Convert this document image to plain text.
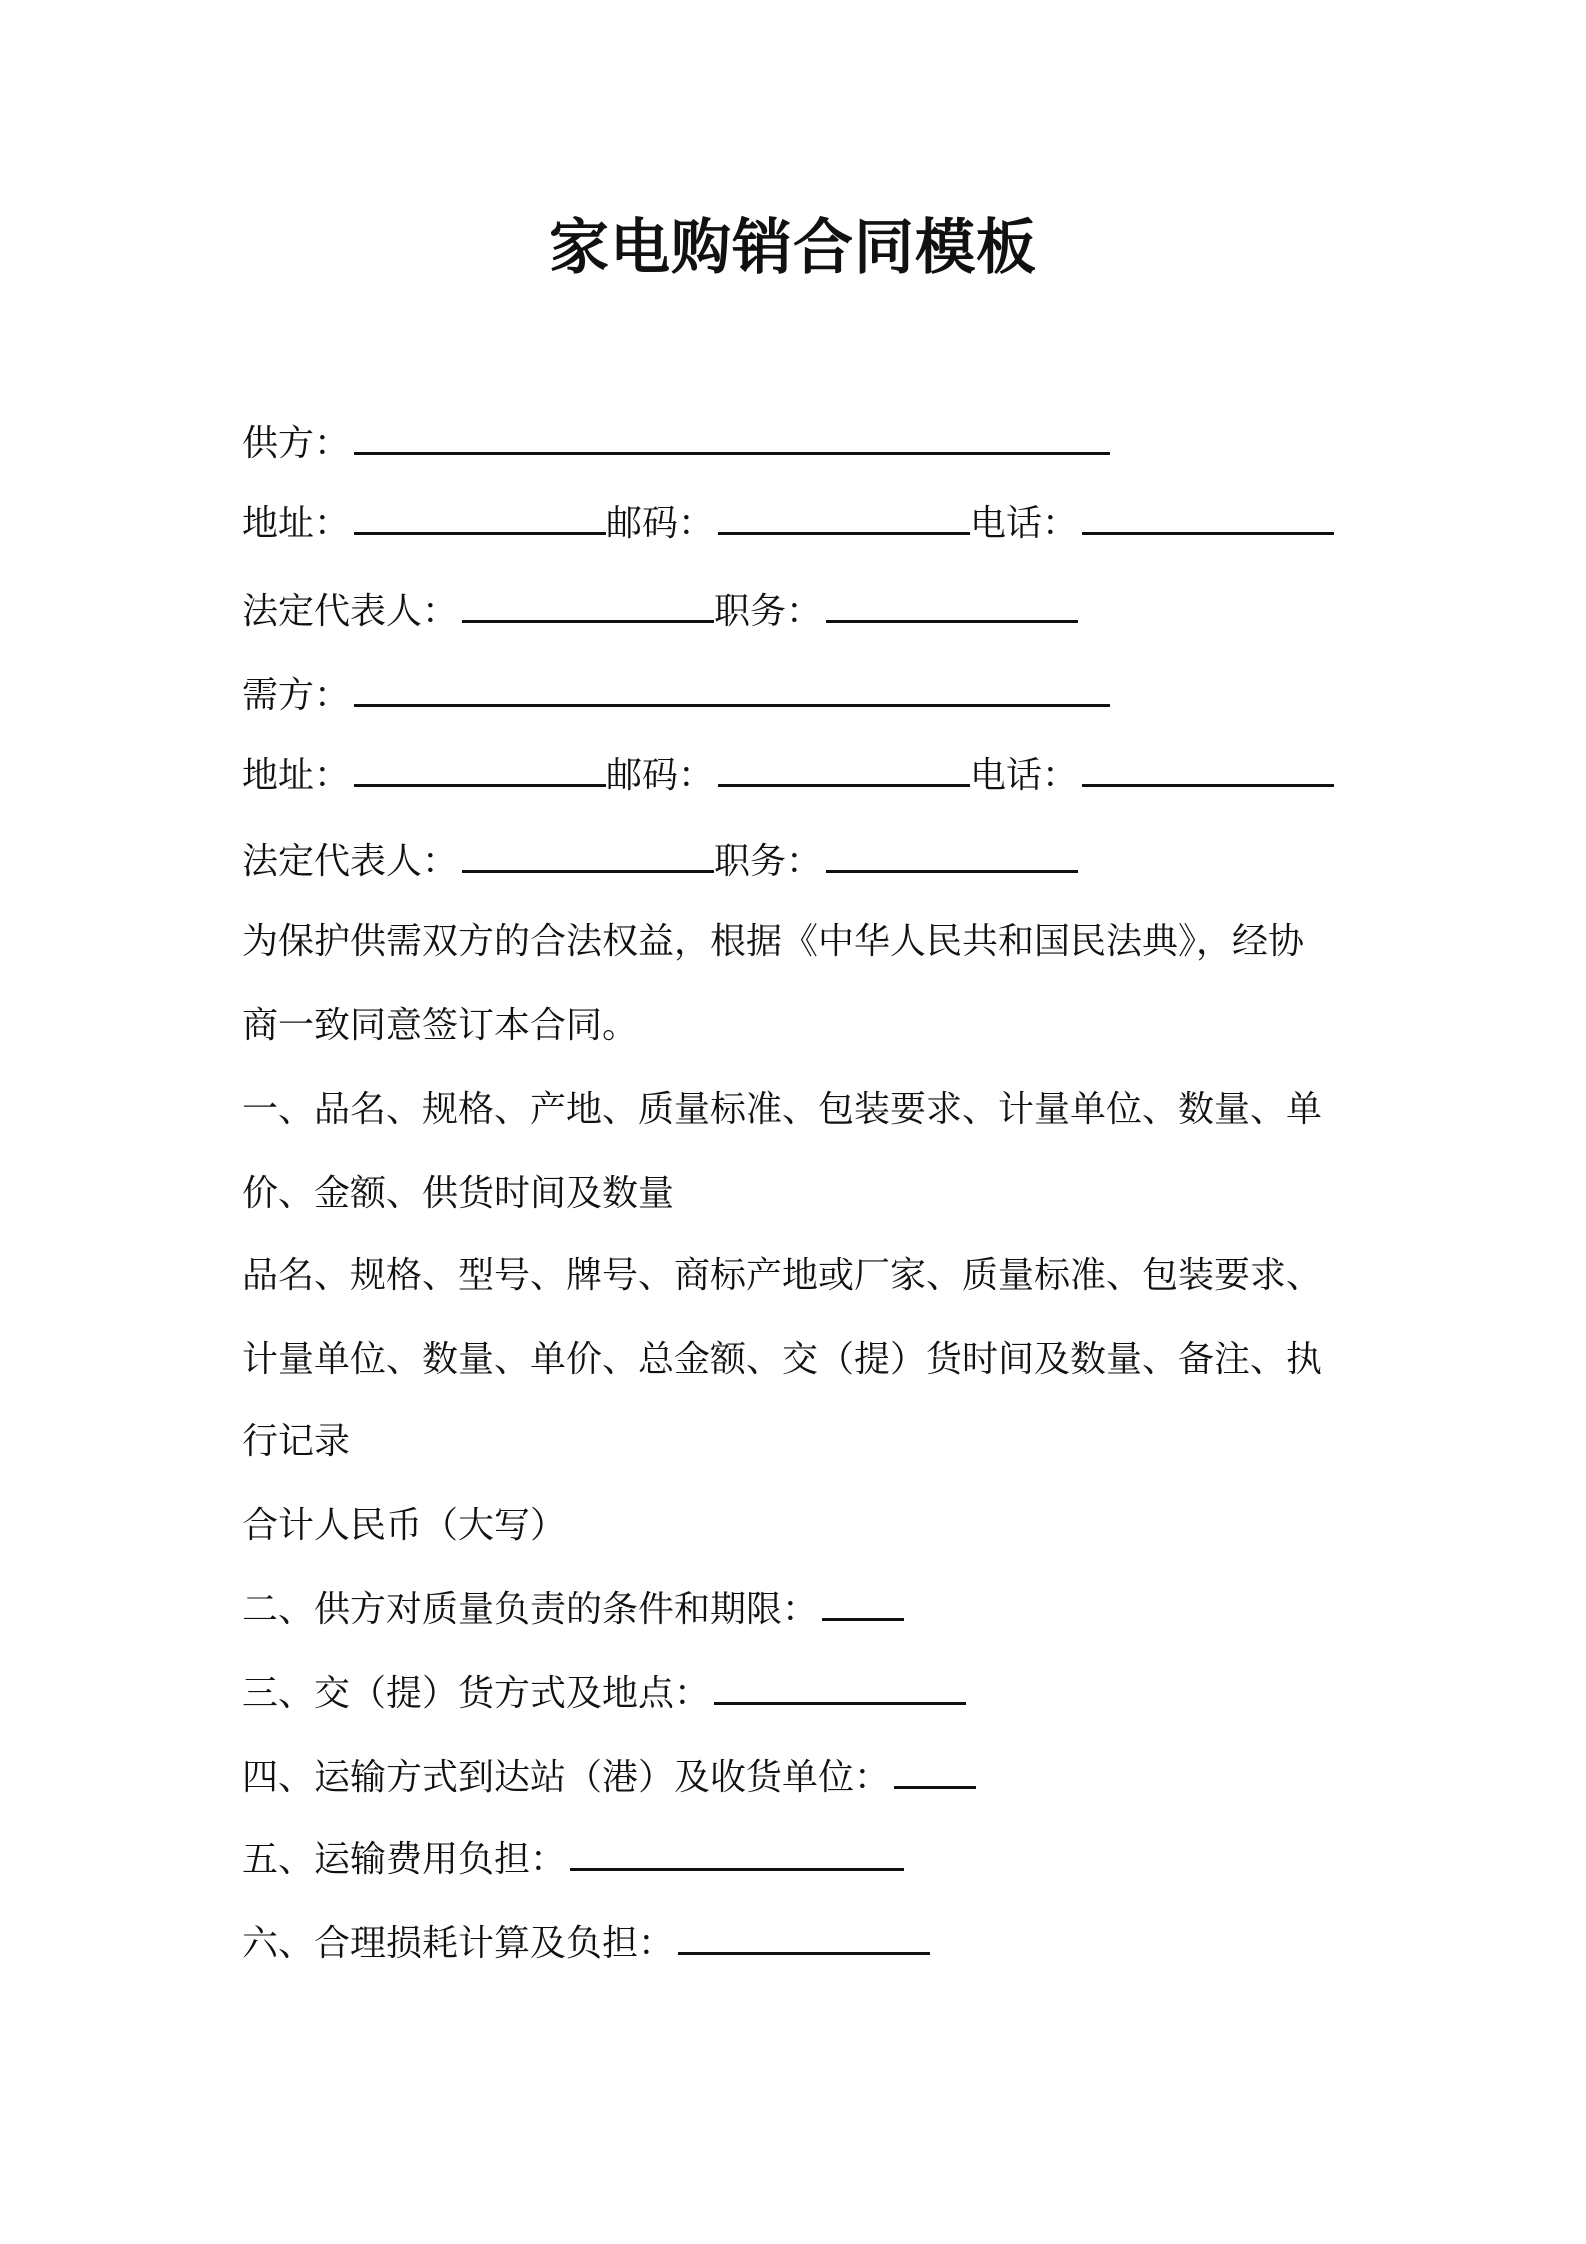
家电购销合同模板

供方：

地址：	邮码：	电话：

法定代表人：	职务：

需方：

地址：	邮码：	电话：

法定代表人：	职务：

为保护供需双方的合法权益，根据《中华人民共和国民法典》，经协

商一致同意签订本合同。

一、品名、规格、产地、质量标准、包装要求、计量单位、数量、单

价、金额、供货时间及数量

品名、规格、型号、牌号、商标产地或厂家、质量标准、包装要求、

计量单位、数量、单价、总金额、交（提）货时间及数量、备注、执

行记录

合计人民币（大写）

二、供方对质量负责的条件和期限：

三、交（提）货方式及地点：

四、运输方式到达站（港）及收货单位：

五、运输费用负担：

六、合理损耗计算及负担：
